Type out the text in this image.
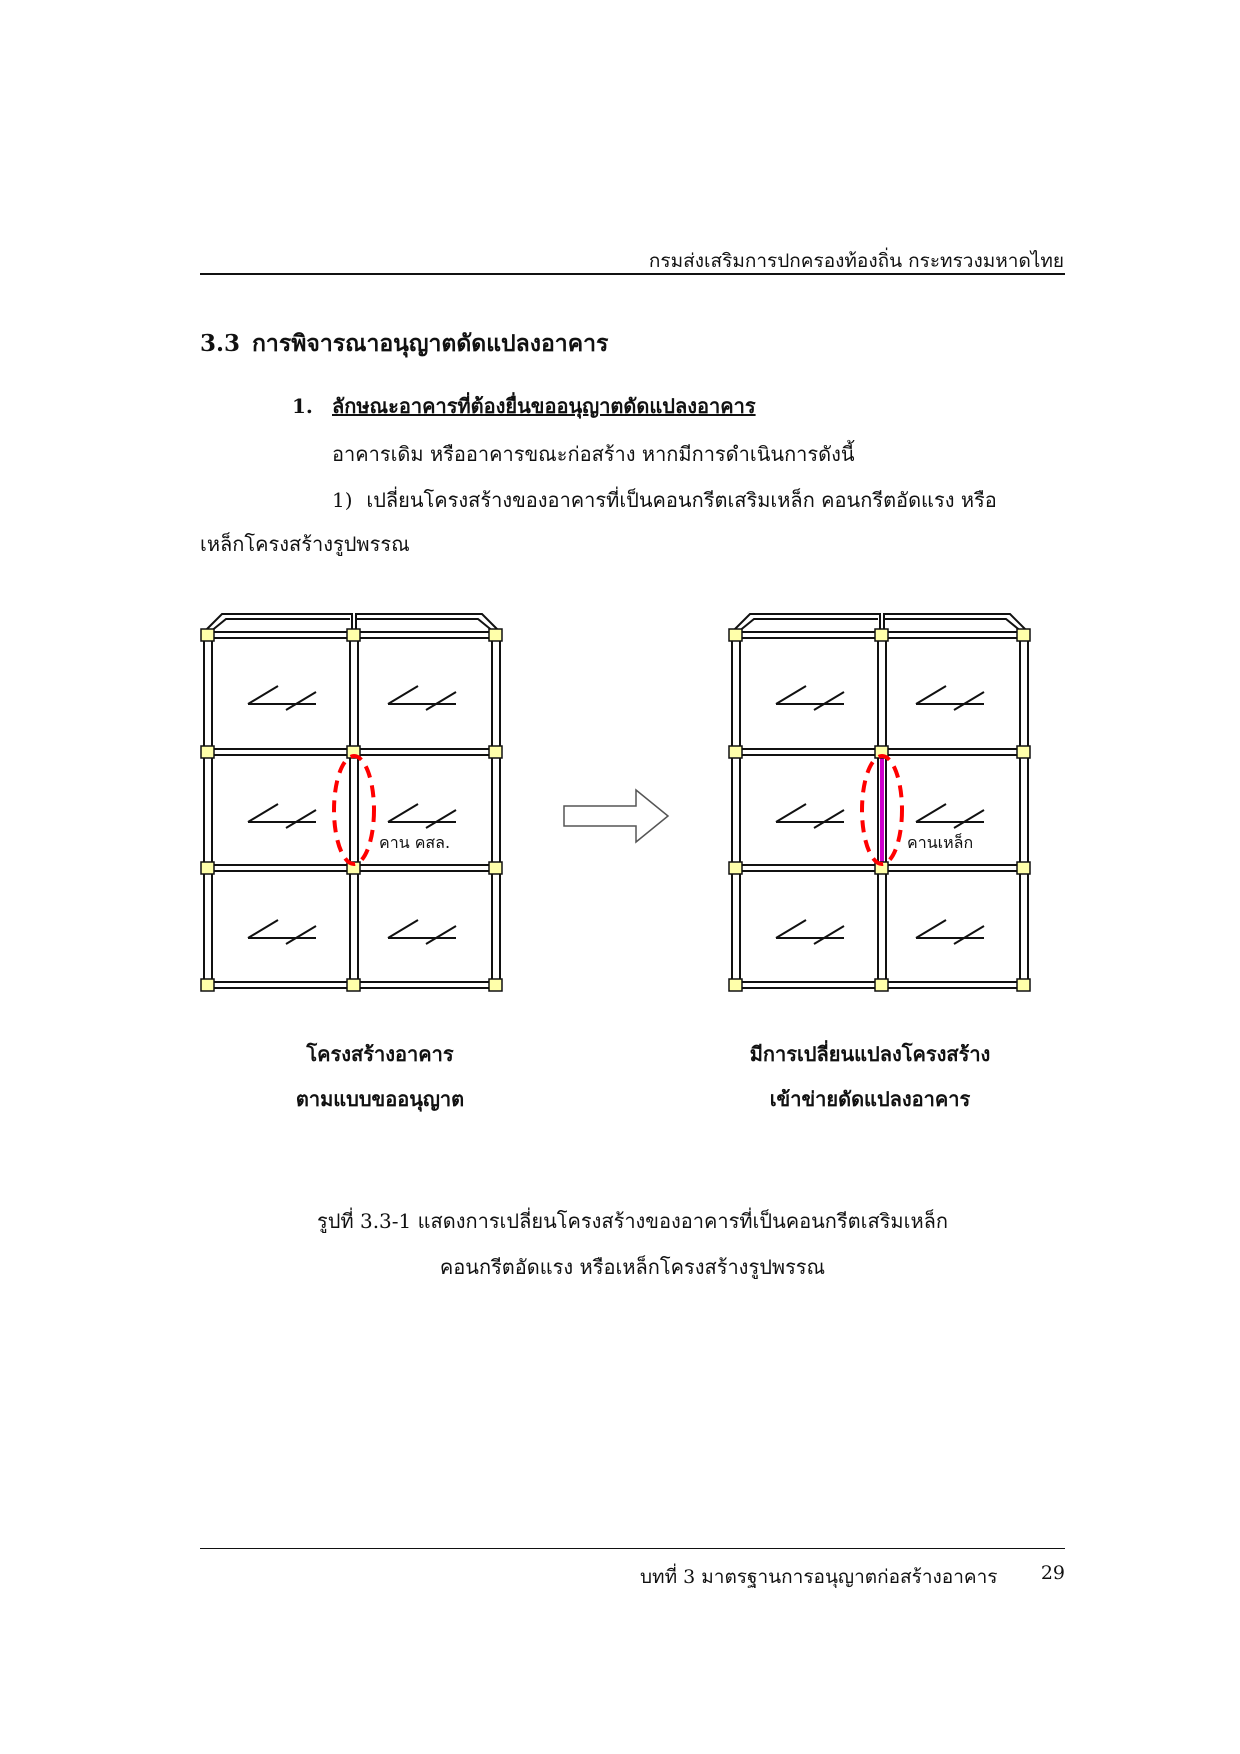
กรมส่งเสริมการปกครองท้องถิ่น กระทรวงมหาดไทย
3.3 การพิจารณาอนุญาตดัดแปลงอาคาร
1. ลักษณะอาคารที่ต้องยื่นขออนุญาตดัดแปลงอาคาร
อาคารเดิม หรืออาคารขณะก่อสร้าง หากมีการดำเนินการดังนี้
1) เปลี่ยนโครงสร้างของอาคารที่เป็นคอนกรีตเสริมเหล็ก คอนกรีตอัดแรง หรือ
เหล็กโครงสร้างรูปพรรณ
คาน คสล.	คานเหล็ก
โครงสร้างอาคาร
ตามแบบขออนุญาต
มีการเปลี่ยนแปลงโครงสร้าง
เข้าข่ายดัดแปลงอาคาร
รูปที่ 3.3-1 แสดงการเปลี่ยนโครงสร้างของอาคารที่เป็นคอนกรีตเสริมเหล็ก
คอนกรีตอัดแรง หรือเหล็กโครงสร้างรูปพรรณ
บทที่ 3 มาตรฐานการอนุญาตก่อสร้างอาคาร 29
